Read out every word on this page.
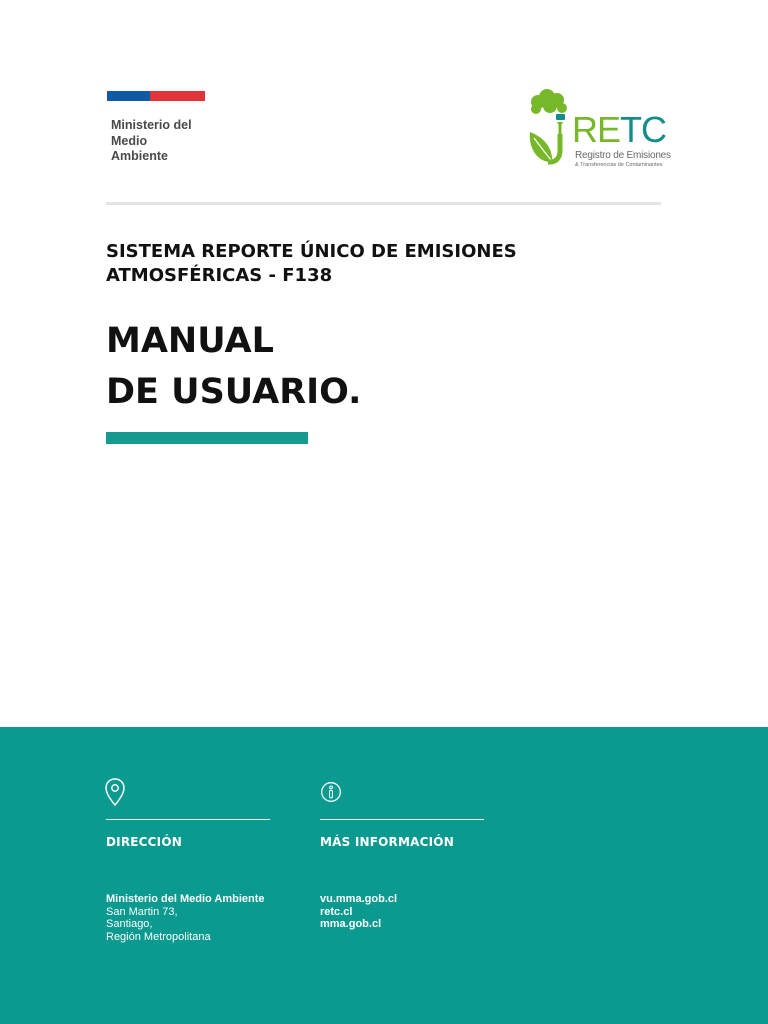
Ministerio del
Medio
Ambiente
RETC
Registro de Emisiones
& Transferencias de Contaminantes
SISTEMA REPORTE ÚNICO DE EMISIONES
ATMOSFÉRICAS - F138
MANUAL
DE USUARIO.
DIRECCIÓN	MÁS INFORMACIÓN
Ministerio del Medio Ambiente
San Martin 73,
Santiago,
Región Metropolitana
vu.mma.gob.cl
retc.cl
mma.gob.cl
